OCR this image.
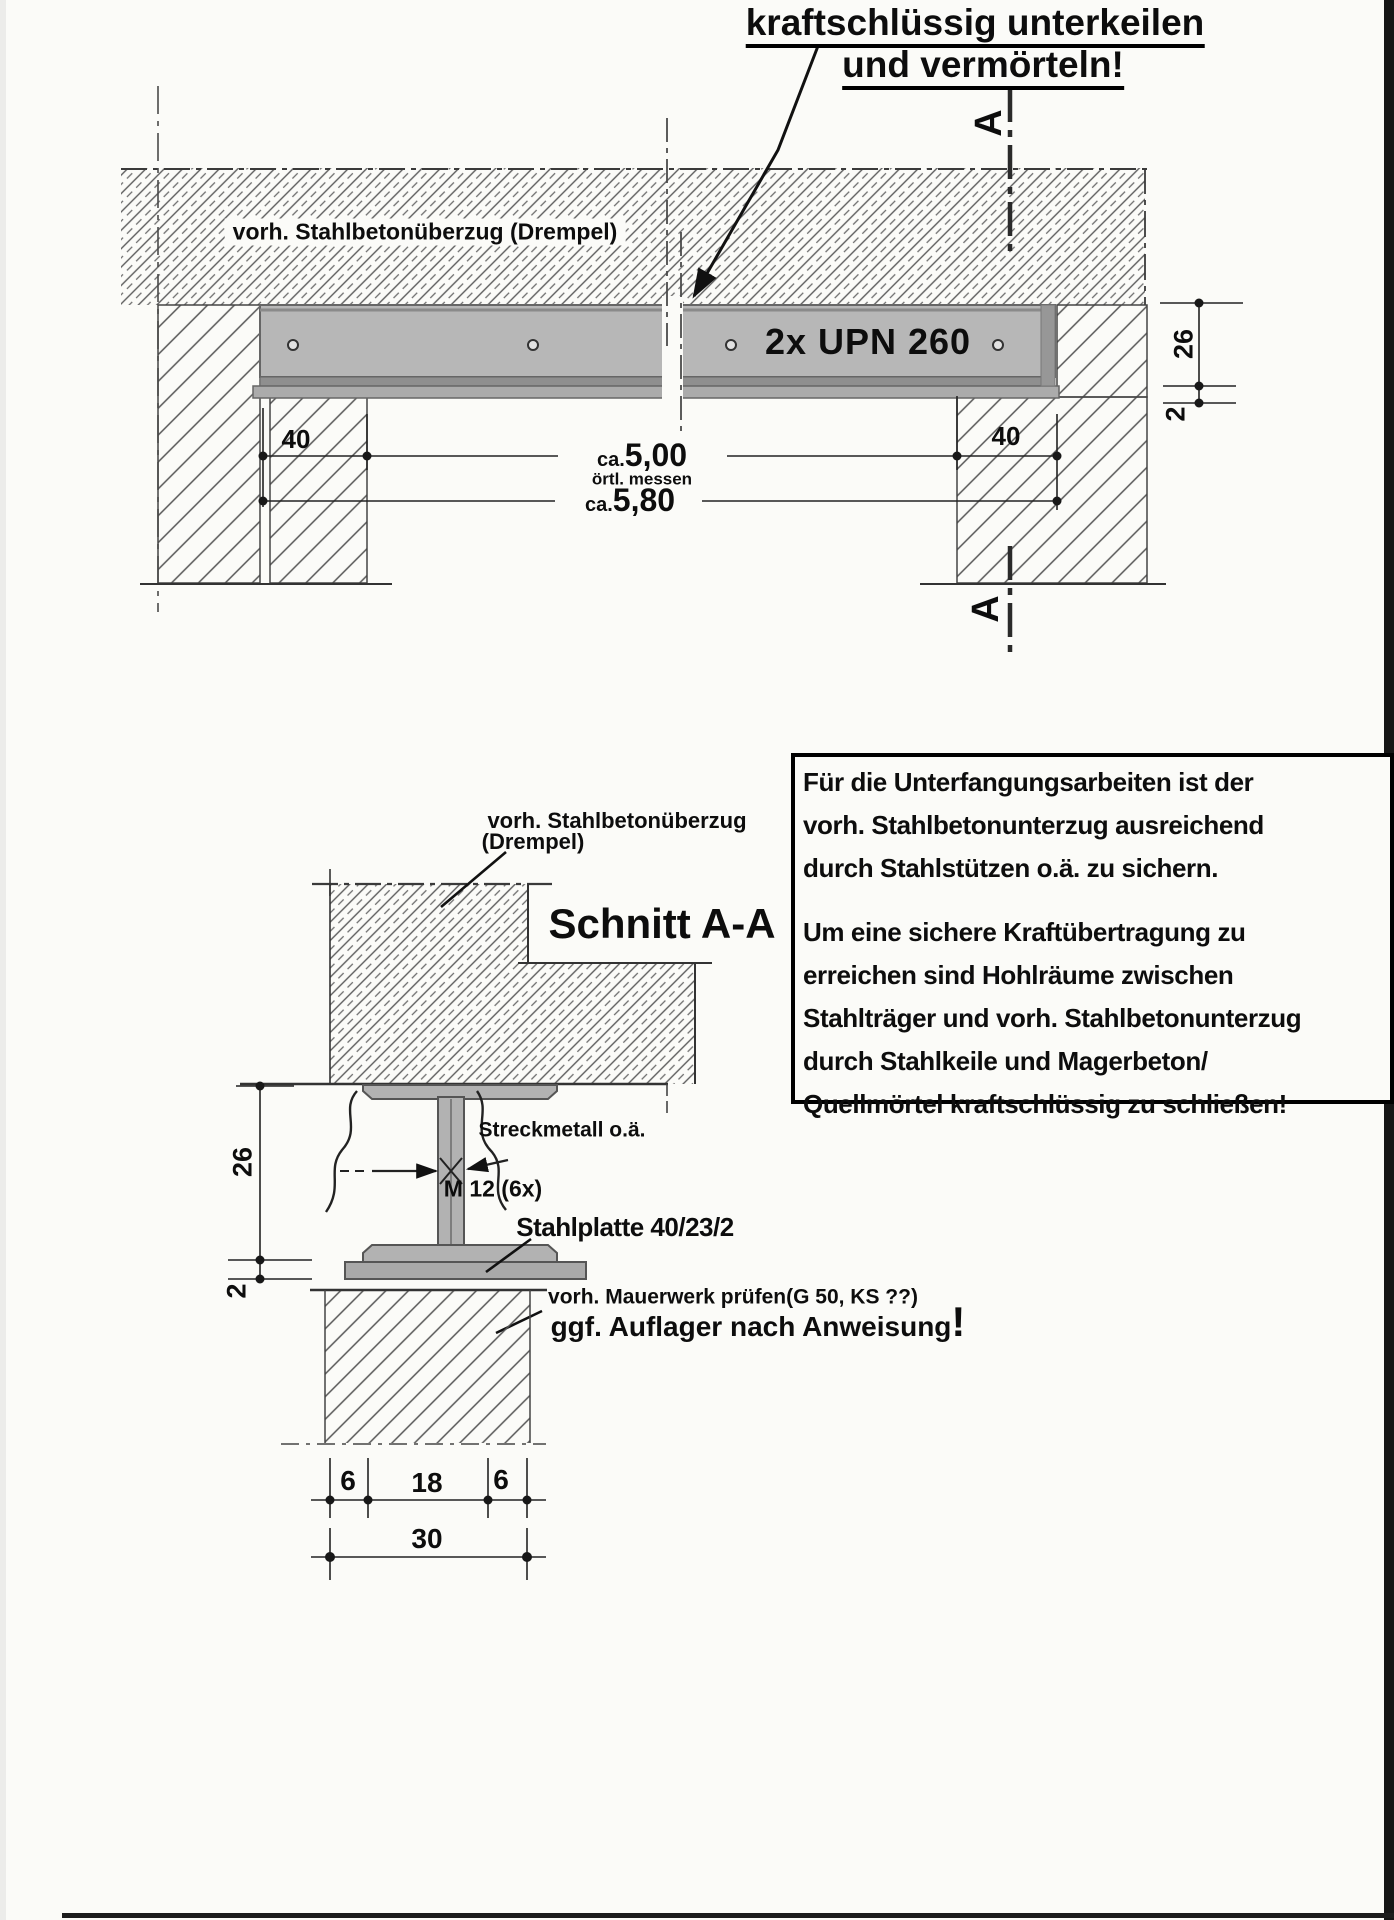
kraftschlüssig unterkeilen
und vermörteln!
vorh. Stahlbetonüberzug (Drempel)
2x UPN 260
A
A
40	40
ca.5,00
örtl. messen
ca.5,80
26
2
vorh. Stahlbetonüberzug
(Drempel)
Schnitt A-A
Streckmetall o.ä.
M 12 (6x)
Stahlplatte 40/23/2
vorh. Mauerwerk prüfen(G 50, KS ??)
ggf. Auflager nach Anweisung!
26
2
6 18 6
30
Für die Unterfangungsarbeiten ist der
vorh. Stahlbetonunterzug ausreichend
durch Stahlstützen o.ä. zu sichern.
Um eine sichere Kraftübertragung zu
erreichen sind Hohlräume zwischen
Stahlträger und vorh. Stahlbetonunterzug
durch Stahlkeile und Magerbeton/
Quellmörtel kraftschlüssig zu schließen!
